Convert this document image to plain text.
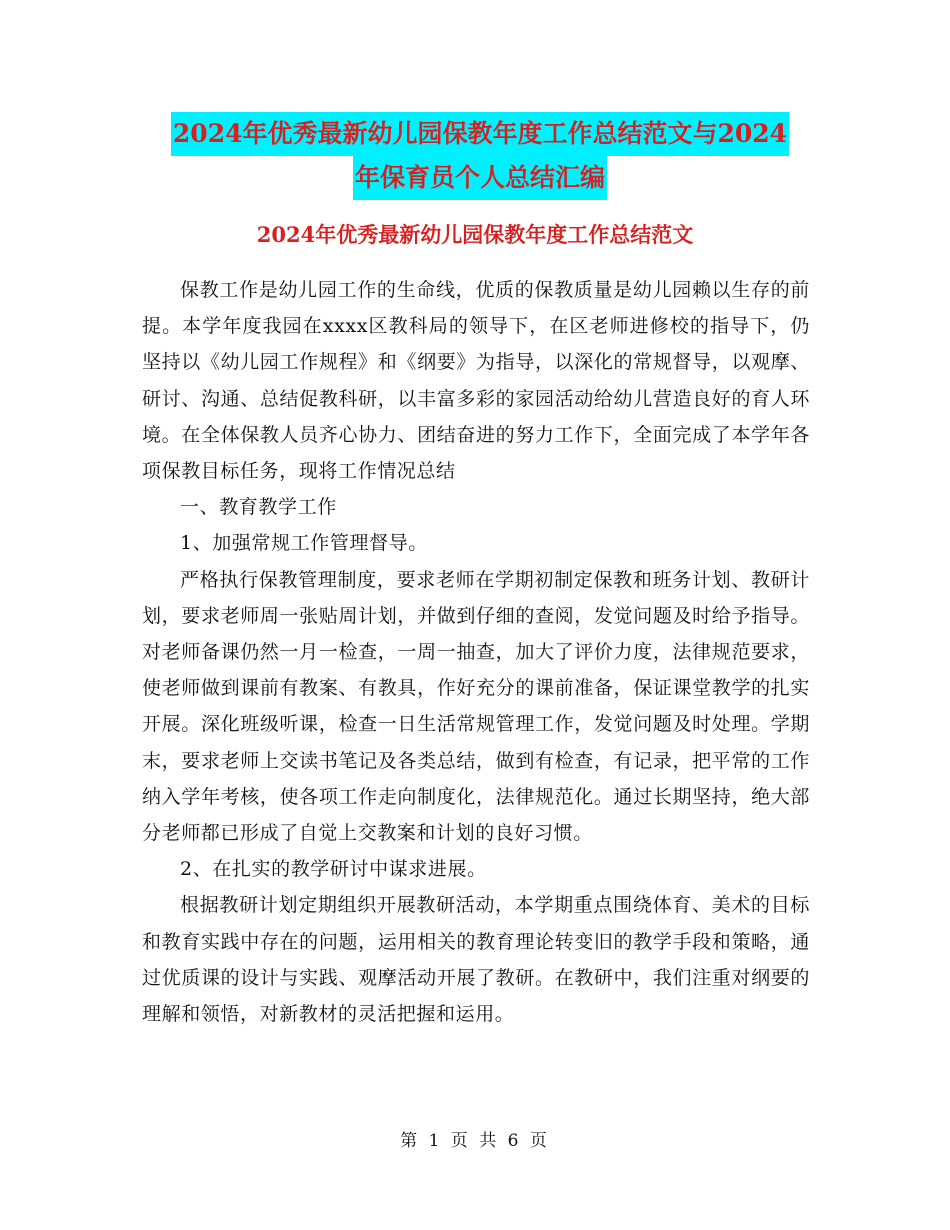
2024年优秀最新幼儿园保教年度工作总结范文与2024
年保育员个人总结汇编
2024年优秀最新幼儿园保教年度工作总结范文

保教工作是幼儿园工作的生命线，优质的保教质量是幼儿园赖以生存的前提。本学年度我园在xxxx区教科局的领导下，在区老师进修校的指导下，仍坚持以《幼儿园工作规程》和《纲要》为指导，以深化的常规督导，以观摩、研讨、沟通、总结促教科研，以丰富多彩的家园活动给幼儿营造良好的育人环境。在全体保教人员齐心协力、团结奋进的努力工作下，全面完成了本学年各项保教目标任务，现将工作情况总结

一、教育教学工作

1、加强常规工作管理督导。

严格执行保教管理制度，要求老师在学期初制定保教和班务计划、教研计划，要求老师周一张贴周计划，并做到仔细的查阅，发觉问题及时给予指导。对老师备课仍然一月一检查，一周一抽查，加大了评价力度，法律规范要求，使老师做到课前有教案、有教具，作好充分的课前准备，保证课堂教学的扎实开展。深化班级听课，检查一日生活常规管理工作，发觉问题及时处理。学期末，要求老师上交读书笔记及各类总结，做到有检查，有记录，把平常的工作纳入学年考核，使各项工作走向制度化，法律规范化。通过长期坚持，绝大部分老师都已形成了自觉上交教案和计划的良好习惯。

2、在扎实的教学研讨中谋求进展。

根据教研计划定期组织开展教研活动，本学期重点围绕体育、美术的目标和教育实践中存在的问题，运用相关的教育理论转变旧的教学手段和策略，通过优质课的设计与实践、观摩活动开展了教研。在教研中，我们注重对纲要的理解和领悟，对新教材的灵活把握和运用。

第 1 页 共 6 页
